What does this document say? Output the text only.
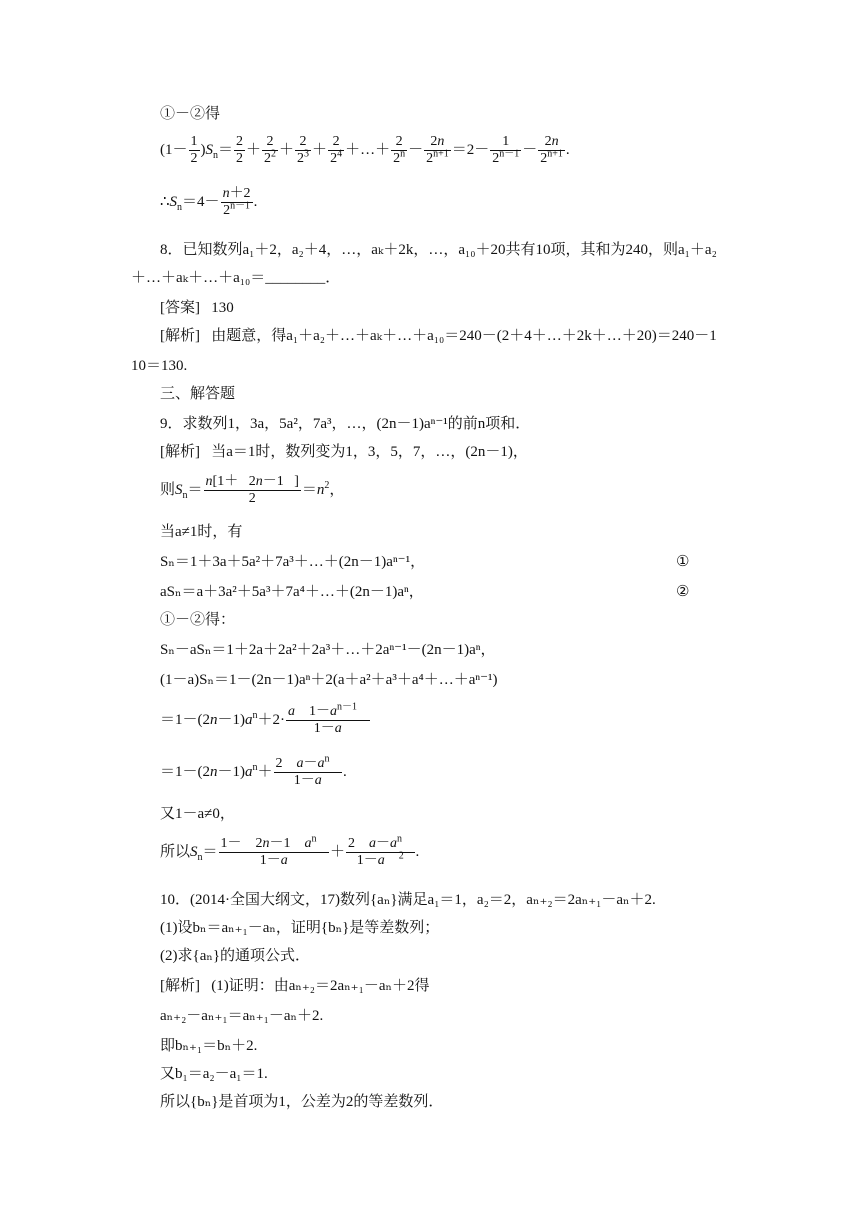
①－②得
$(1- \frac{1}{2} )S_n= \frac{2}{2} + \frac{2}{2^2} + \frac{2}{2^3} + \frac{2}{2^4}$ ＋…＋ $\frac{2}{2^n} - \frac{2n}{2^{n+1}} =2- \frac{1}{2^{n-1}} - \frac{2n}{2^{n+1}}$ .
$\therefore S_n=4- \frac{n+2}{2^{n-1}}$ .
8．已知数列a₁＋2，a₂＋4，…，aₖ＋2k，…，a₁₀＋20共有10项，其和为240，则a₁＋a₂
＋…＋aₖ＋…＋a₁₀＝________．
[答案] 130
[解析] 由题意，得a₁＋a₂＋…＋aₖ＋…＋a₁₀＝240－(2＋4＋…＋2k＋…＋20)＝240－1
10＝130.
三、解答题
9．求数列1，3a，5a²，7a³，…，(2n－1)aⁿ⁻¹的前n项和．
[解析] 当a＝1时，数列变为1，3，5，7，…，(2n－1)，
则$S_n= \frac{n[1+ 2n-1 ]}{2} =n^2$，
当a≠1时，有
Sₙ＝1＋3a＋5a²＋7a³＋…＋(2n－1)aⁿ⁻¹，	①
aSₙ＝a＋3a²＋5a³＋7a⁴＋…＋(2n－1)aⁿ，	②
①－②得：
Sₙ－aSₙ＝1＋2a＋2a²＋2a³＋…＋2aⁿ⁻¹－(2n－1)aⁿ，
(1－a)Sₙ＝1－(2n－1)aⁿ＋2(a＋a²＋a³＋a⁴＋…＋aⁿ⁻¹)
$=1-(2n-1)a^n+2\cdot \frac{a 1-a^{n-1}}{1-a}$
$=1-(2n-1)a^n+ \frac{2 a-a^n}{1-a}$ .
又1－a≠0，
所以$S_n= \frac{1- 2n-1 a^n}{1-a} + \frac{2 a-a^n}{1-a ^2}$ .
10．(2014·全国大纲文，17)数列{aₙ}满足a₁＝1，a₂＝2，aₙ₊₂＝2aₙ₊₁－aₙ＋2.
(1)设bₙ＝aₙ₊₁－aₙ，证明{bₙ}是等差数列；
(2)求{aₙ}的通项公式．
[解析] (1)证明：由aₙ₊₂＝2aₙ₊₁－aₙ＋2得
aₙ₊₂－aₙ₊₁＝aₙ₊₁－aₙ＋2.
即bₙ₊₁＝bₙ＋2.
又b₁＝a₂－a₁＝1.
所以{bₙ}是首项为1，公差为2的等差数列．
